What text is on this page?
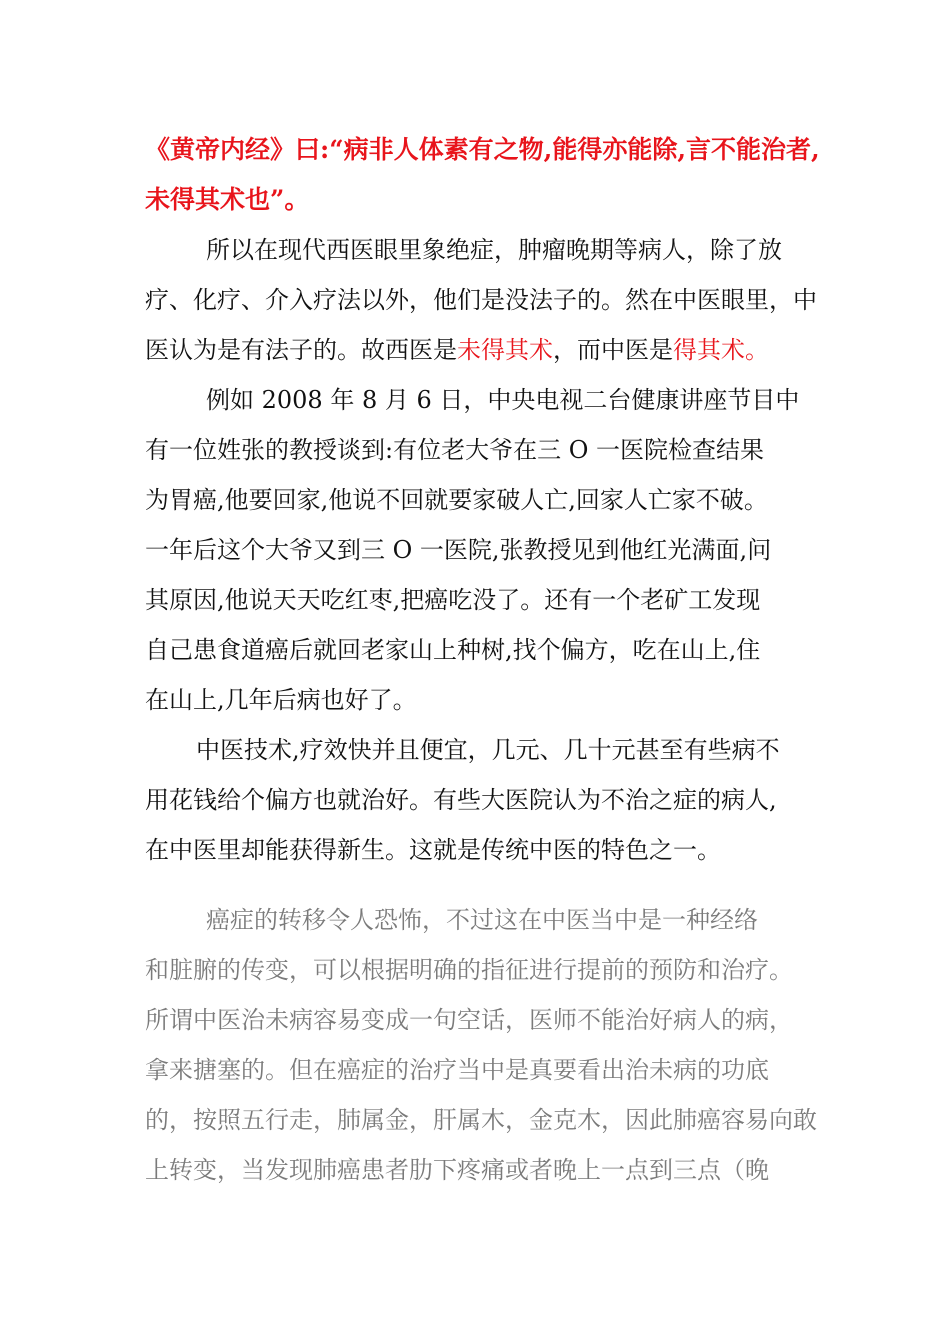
《黄帝内经》曰:“病非人体素有之物,能得亦能除,言不能治者,
未得其术也”。
所以在现代西医眼里象绝症，肿瘤晚期等病人，除了放
疗、化疗、介入疗法以外，他们是没法子的。然在中医眼里，中
医认为是有法子的。故西医是未得其术，而中医是得其术。
例如 2008 年 8 月 6 日，中央电视二台健康讲座节目中
有一位姓张的教授谈到:有位老大爷在三 O 一医院检查结果
为胃癌,他要回家,他说不回就要家破人亡,回家人亡家不破。
一年后这个大爷又到三 O 一医院,张教授见到他红光满面,问
其原因,他说天天吃红枣,把癌吃没了。还有一个老矿工发现
自己患食道癌后就回老家山上种树,找个偏方，吃在山上,住
在山上,几年后病也好了。
中医技术,疗效快并且便宜，几元、几十元甚至有些病不
用花钱给个偏方也就治好。有些大医院认为不治之症的病人,
在中医里却能获得新生。这就是传统中医的特色之一。
癌症的转移令人恐怖，不过这在中医当中是一种经络
和脏腑的传变，可以根据明确的指征进行提前的预防和治疗。
所谓中医治未病容易变成一句空话，医师不能治好病人的病，
拿来搪塞的。但在癌症的治疗当中是真要看出治未病的功底
的，按照五行走，肺属金，肝属木，金克木，因此肺癌容易向敢
上转变，当发现肺癌患者肋下疼痛或者晚上一点到三点（晚
